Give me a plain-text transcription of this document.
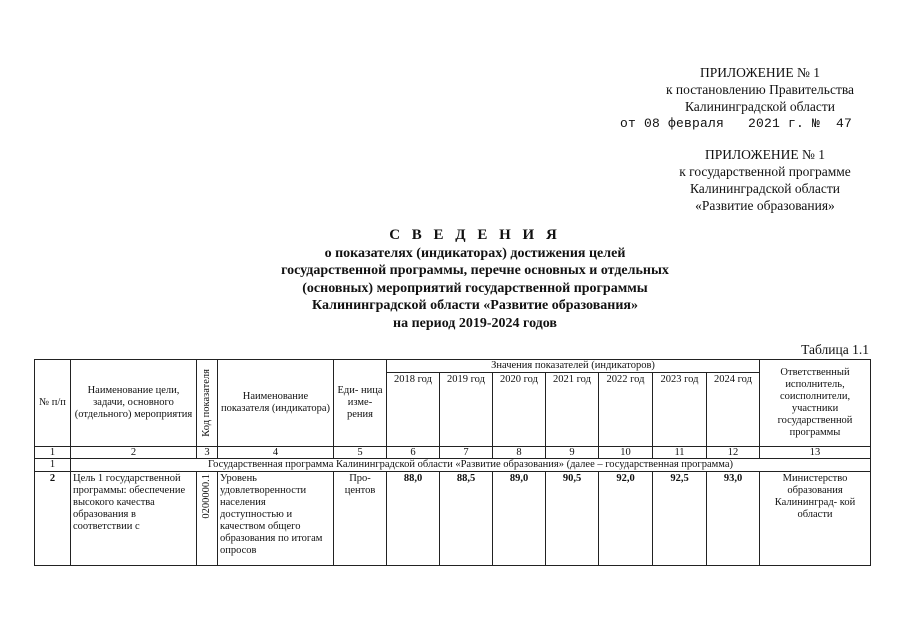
ПРИЛОЖЕНИЕ № 1
к постановлению Правительства
Калининградской области
от 08 февраля   2021 г. №  47
ПРИЛОЖЕНИЕ № 1
к государственной программе
Калининградской области
«Развитие образования»
С В Е Д Е Н И Я
о показателях (индикаторах) достижения целей
государственной программы, перечне основных и отдельных
(основных) мероприятий государственной программы
Калининградской области «Развитие образования»
на период 2019-2024 годов
Таблица 1.1
№ п/п	Наименование цели, задачи, основного (отдельного) мероприятия	Код показателя	Наименование показателя (индикатора)	Еди- ница изме- рения	Значения показателей (индикаторов)							Ответственный исполнитель, соисполнители, участники государственной программы
					2018 год	2019 год	2020 год	2021 год	2022 год	2023 год	2024 год	
1	2	3	4	5	6	7	8	9	10	11	12	13
1	Государственная программа Калининградской области «Развитие образования» (далее – государственная программа)											
2	Цель 1 государственной программы: обеспечение высокого качества образования в соответствии с	0200000.1	Уровень удовлетворенности населения доступностью и качеством общего образования по итогам опросов	Про- центов	88,0	88,5	89,0	90,5	92,0	92,5	93,0	Министерство образования Калининград- кой области
